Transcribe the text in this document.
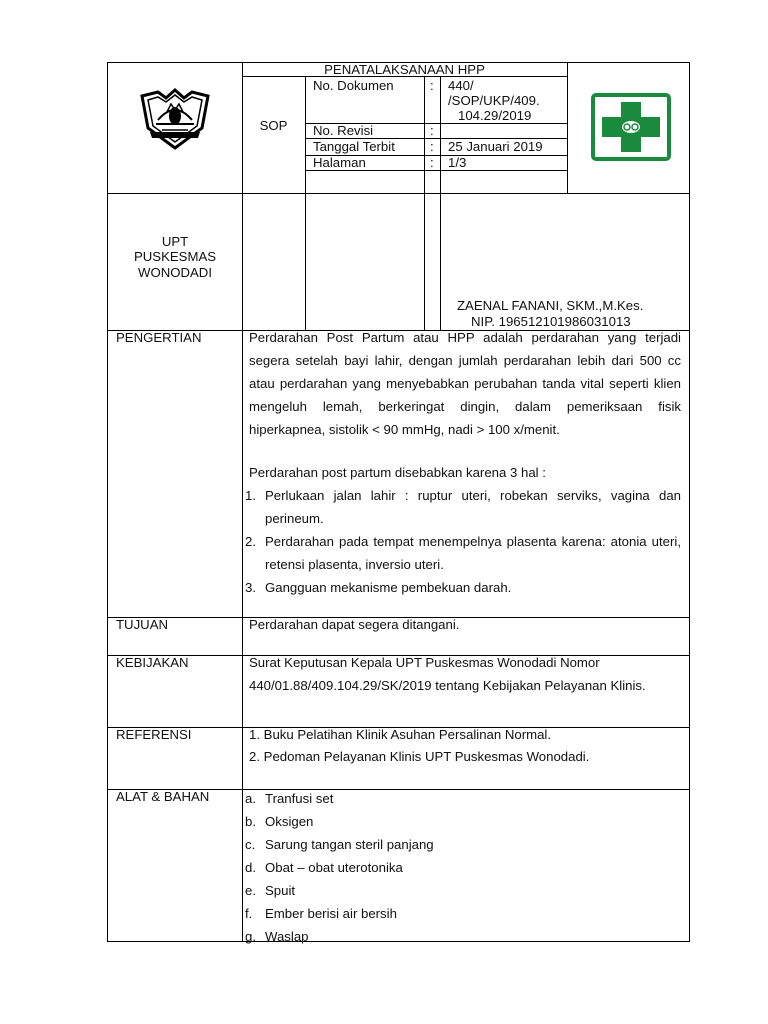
PENATALAKSANAAN HPP
SOP
No. Dokumen	: 440/
/SOP/UKP/409.
104.29/2019
No. Revisi	:
Tanggal Terbit	: 25 Januari 2019
Halaman	: 1/3
UPT
PUSKESMAS
WONODADI
ZAENAL FANANI, SKM.,M.Kes.
NIP. 196512101986031013
PENGERTIAN	Perdarahan Post Partum atau HPP adalah perdarahan yang terjadi segera setelah bayi lahir, dengan jumlah perdarahan lebih dari 500 cc atau perdarahan yang menyebabkan perubahan tanda vital seperti klien mengeluh lemah, berkeringat dingin, dalam pemeriksaan fisik hiperkapnea, sistolik < 90 mmHg, nadi > 100 x/menit.
Perdarahan post partum disebabkan karena 3 hal :
1. Perlukaan jalan lahir : ruptur uteri, robekan serviks, vagina dan perineum.
2. Perdarahan pada tempat menempelnya plasenta karena: atonia uteri, retensi plasenta, inversio uteri.
3. Gangguan mekanisme pembekuan darah.
TUJUAN	Perdarahan dapat segera ditangani.
KEBIJAKAN	Surat Keputusan Kepala UPT Puskesmas Wonodadi Nomor 440/01.88/409.104.29/SK/2019 tentang Kebijakan Pelayanan Klinis.
REFERENSI	1. Buku Pelatihan Klinik Asuhan Persalinan Normal.
2. Pedoman Pelayanan Klinis UPT Puskesmas Wonodadi.
ALAT & BAHAN	a. Tranfusi set
b. Oksigen
c. Sarung tangan steril panjang
d. Obat – obat uterotonika
e. Spuit
f. Ember berisi air bersih
g. Waslap
